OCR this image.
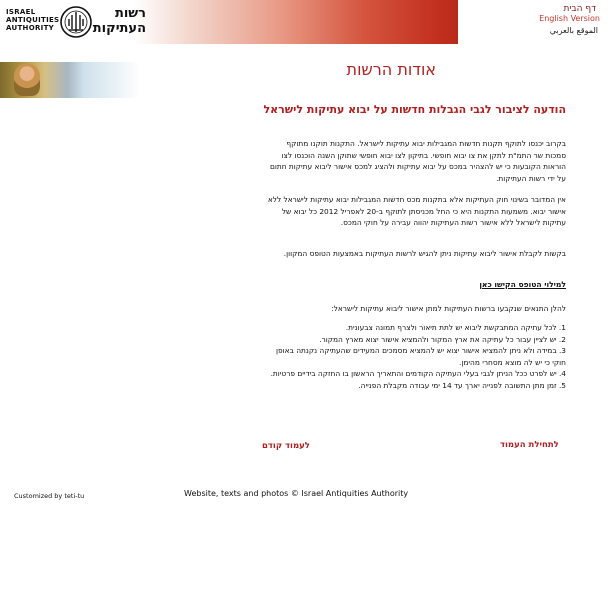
ISRAEL
ANTIQUITIES
AUTHORITY
רשות
העתיקות
דף הבית
English Version
الموقع بالعربي
אודות הרשות
הודעה לציבור לגבי הגבלות חדשות על יבוא עתיקות לישראל
בקרוב יכנסו לתוקף תקנות חדשות המגבילות יבוא עתיקות לישראל. התקנות תוקנו מתוקף סמכות שר התמ"ת לתקן את צו יבוא חופשי. בתיקון לצו יבוא חופשי שתוקן השנה הוכנסו לצו הוראות הקובעות כי יש להצהיר במכס על יבוא עתיקות ולהציג למכס אישור ליבוא עתיקות חתום על ידי רשות העתיקות.
אין המדובר בשינוי חוק העתיקות אלא בתקנות מכס חדשות המגבילות יבוא עתיקות לישראל ללא אישור יבוא. משמעות התקנות היא כי החל מכניסתן לתוקף ב-20 לאפריל 2012 כל יבוא של עתיקות לישראל ללא אישור רשות העתיקות יהווה עבירה על חוקי המכס.
בקשות לקבלת אישור ליבוא עתיקות ניתן להגיש לרשות העתיקות באמצעות הטופס המקוון.
למילוי הטופס הקישו כאן
להלן התנאים שנקבעו ברשות העתיקות למתן אישור ליבוא עתיקות לישראל:
1. לכל עתיקה המתבקשת ליבוא יש לתת תיאור ולצרף תמונה צבעונית.
2. יש לציין עבור כל עתיקה את ארץ המקור ולהמציא אישור יצוא מארץ המקור.
3. במידה ולא ניתן להמציא אישור יצוא יש להמציא מסמכים המעידים שהעתיקה נקנתה באופן חוקי כי יש לה מוצא מסחרי מהימן.
4. יש לפרט ככל הניתן לגבי בעלי העתיקה הקודמים והתאריך הראשון בו החזקה בידיים פרטיות.
5. זמן מתן התשובה לפנייה יארך עד 14 ימי עבודה מקבלת הפנייה.
לתחילת העמוד
לעמוד קודם
Customized by teti-tu	Website, texts and photos © Israel Antiquities Authority
